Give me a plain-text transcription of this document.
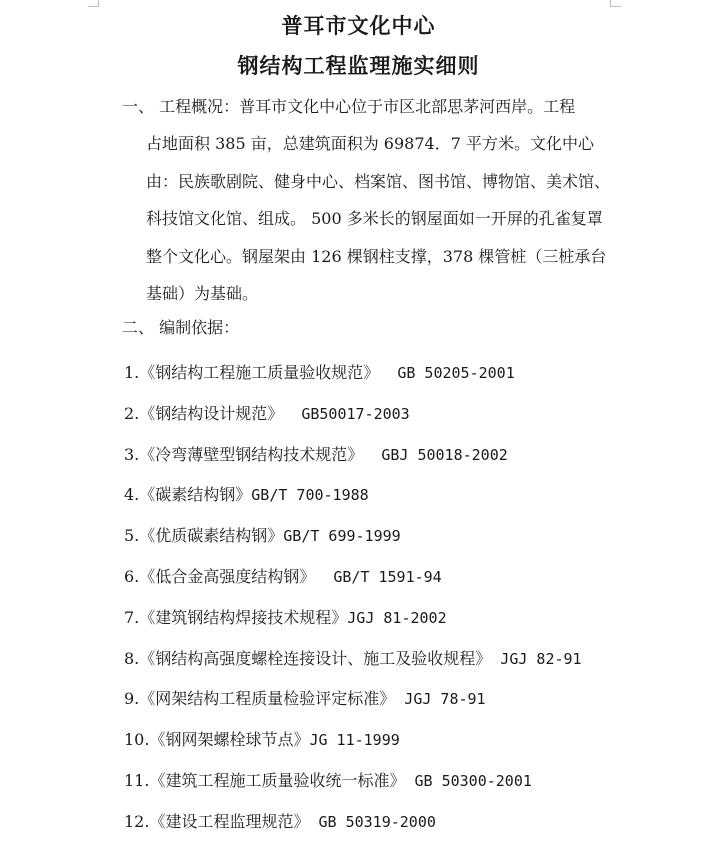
普耳市文化中心
钢结构工程监理施实细则
一、 工程概况：普耳市文化中心位于市区北部思茅河西岸。工程
占地面积 385 亩，总建筑面积为 69874．7 平方米。文化中心由：民族歌剧院、健身中心、档案馆、图书馆、博物馆、美术馆、科技馆文化馆、组成。 500 多米长的钢屋面如一开屏的孔雀复罩整个文化心。钢屋架由 126 棵钢柱支撑，378 棵管桩（三桩承台基础）为基础。
二、 编制依据：
1.《钢结构工程施工质量验收规范》  GB 50205-2001
2.《钢结构设计规范》  GB50017-2003
3.《冷弯薄壁型钢结构技术规范》  GBJ 50018-2002
4.《碳素结构钢》GB/T 700-1988
5.《优质碳素结构钢》GB/T 699-1999
6.《低合金高强度结构钢》  GB/T 1591-94
7.《建筑钢结构焊接技术规程》JGJ 81-2002
8.《钢结构高强度螺栓连接设计、施工及验收规程》 JGJ 82-91
9.《网架结构工程质量检验评定标准》 JGJ 78-91
10.《钢网架螺栓球节点》JG 11-1999
11.《建筑工程施工质量验收统一标准》 GB 50300-2001
12.《建设工程监理规范》 GB 50319-2000
